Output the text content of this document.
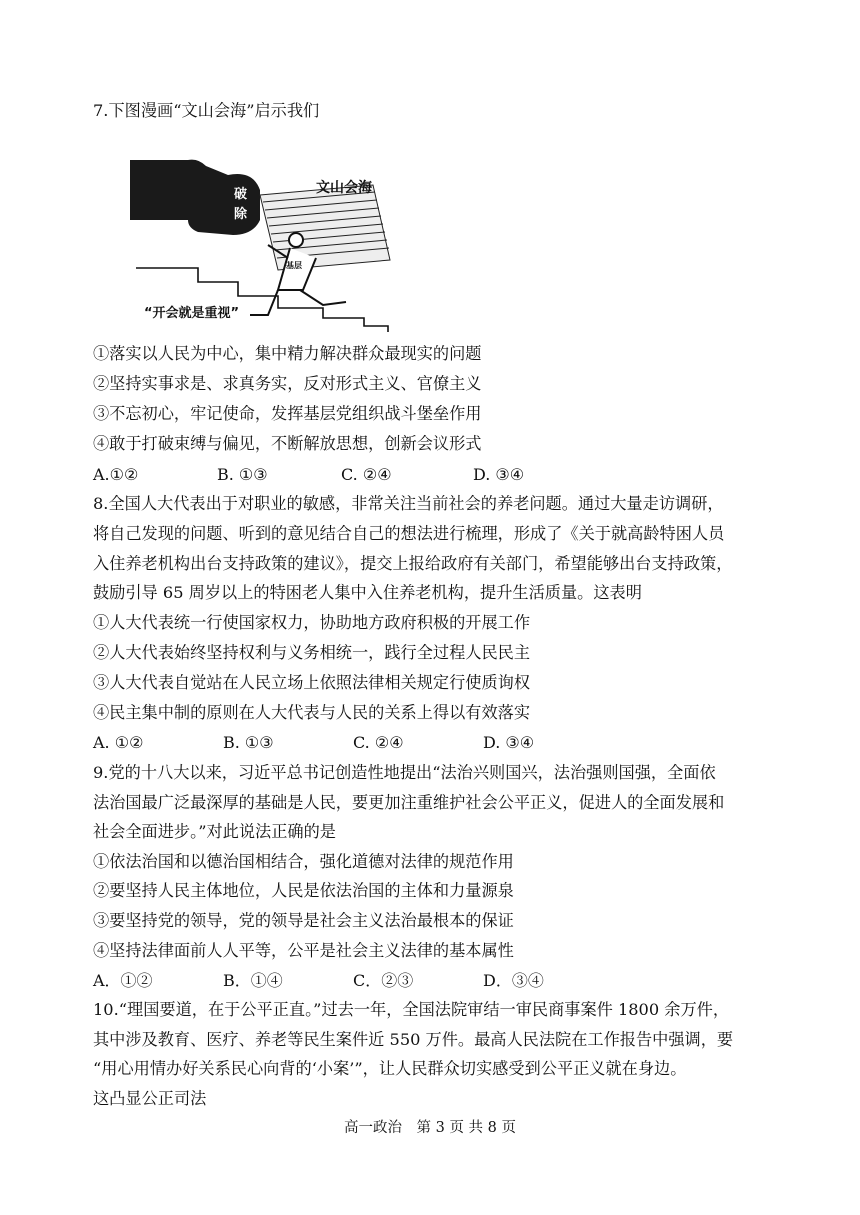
7.下图漫画“文山会海”启示我们
破
除
文山会海
基层
“开会就是重视”
①落实以人民为中心，集中精力解决群众最现实的问题
②坚持实事求是、求真务实，反对形式主义、官僚主义
③不忘初心，牢记使命，发挥基层党组织战斗堡垒作用
④敢于打破束缚与偏见，不断解放思想，创新会议形式
A.①②	B. ①③	C. ②④	D. ③④
8.全国人大代表出于对职业的敏感，非常关注当前社会的养老问题。通过大量走访调研，
将自己发现的问题、听到的意见结合自己的想法进行梳理，形成了《关于就高龄特困人员
入住养老机构出台支持政策的建议》，提交上报给政府有关部门，希望能够出台支持政策，
鼓励引导 65 周岁以上的特困老人集中入住养老机构，提升生活质量。这表明
①人大代表统一行使国家权力，协助地方政府积极的开展工作
②人大代表始终坚持权利与义务相统一，践行全过程人民民主
③人大代表自觉站在人民立场上依照法律相关规定行使质询权
④民主集中制的原则在人大代表与人民的关系上得以有效落实
A. ①②	B. ①③	C. ②④	D. ③④
9.党的十八大以来，习近平总书记创造性地提出“法治兴则国兴，法治强则国强，全面依
法治国最广泛最深厚的基础是人民，要更加注重维护社会公平正义，促进人的全面发展和
社会全面进步。”对此说法正确的是
①依法治国和以德治国相结合，强化道德对法律的规范作用
②要坚持人民主体地位，人民是依法治国的主体和力量源泉
③要坚持党的领导，党的领导是社会主义法治最根本的保证
④坚持法律面前人人平等，公平是社会主义法律的基本属性
A．①②	B．①④	C．②③	D．③④
10.“理国要道，在于公平正直。”过去一年，全国法院审结一审民商事案件 1800 余万件，
其中涉及教育、医疗、养老等民生案件近 550 万件。最高人民法院在工作报告中强调，要
“用心用情办好关系民心向背的‘小案’”，让人民群众切实感受到公平正义就在身边。
这凸显公正司法
高一政治　第 3 页 共 8 页
